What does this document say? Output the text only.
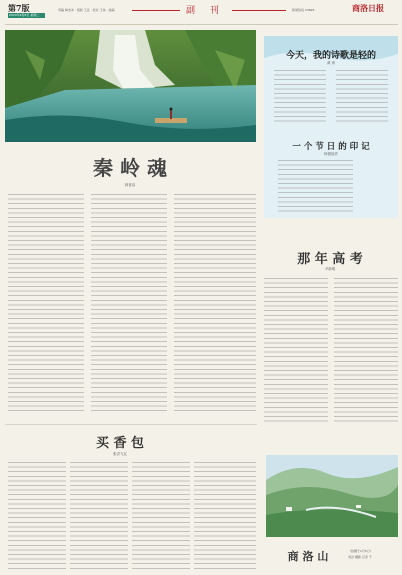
第7版
2023年6月8日 星期二
责编 韩杰冲 · 组版 王亚 · 校对 王伟 · 美编	副 刊	新闻热线 23895	商洛日报
秦 岭 魂
林晋荪
今天，我的诗歌是轻的
黄 涛
一 个 节 日 的 印 记
杨德福作
那 年 高 考
尹新明
买 香 包
张洪飞瓦
商 洛 山	（拍摄于1月5日）
刘洪 摄影 记者 子
